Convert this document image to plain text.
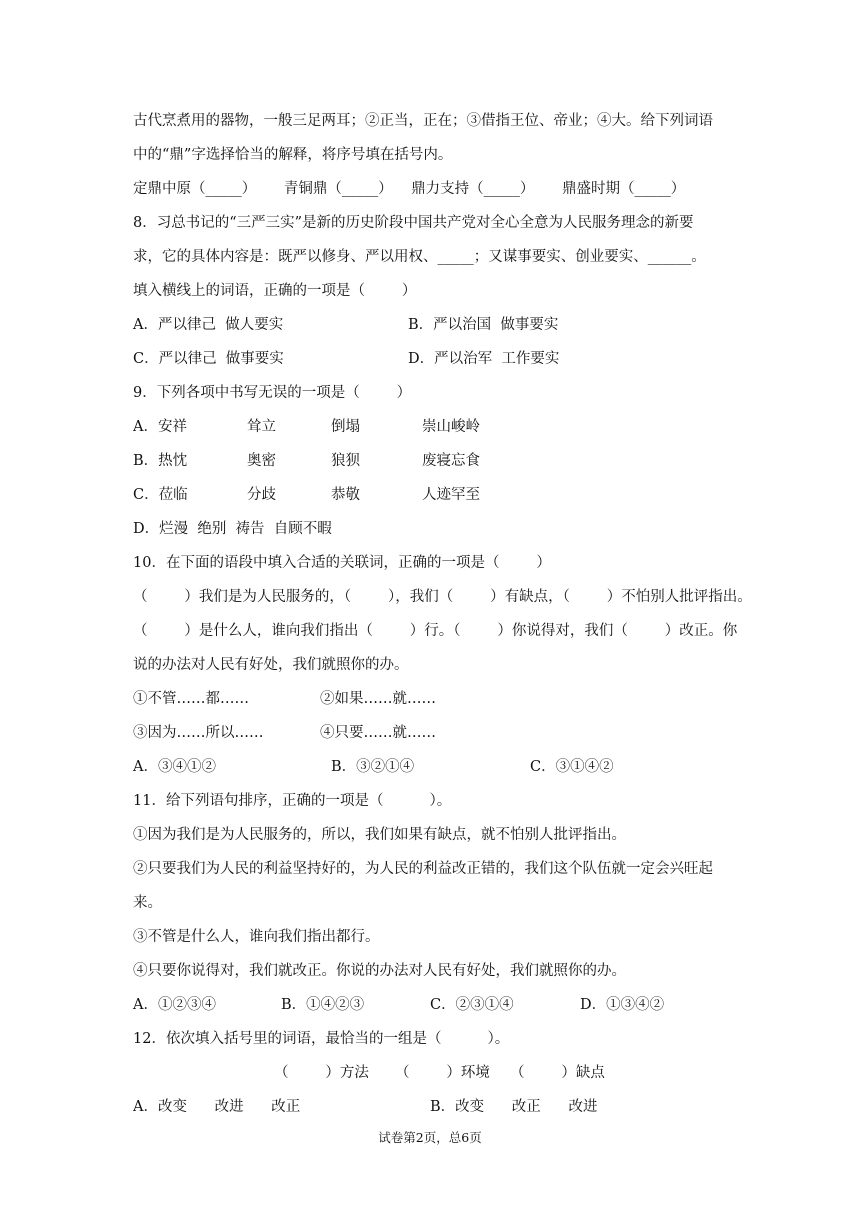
古代烹煮用的器物，一般三足两耳；②正当，正在；③借指王位、帝业；④大。给下列词语
中的“鼎”字选择恰当的解释，将序号填在括号内。
定鼎中原（_____）      青铜鼎（_____）    鼎力支持（_____）      鼎盛时期（_____）
8．习总书记的“三严三实”是新的历史阶段中国共产党对全心全意为人民服务理念的新要
求，它的具体内容是：既严以修身、严以用权、_____；又谋事要实、创业要实、______。
填入横线上的词语，正确的一项是（        ）
A．严以律己  做人要实	B．严以治国  做事要实
C．严以律己  做事要实	D．严以治军  工作要实
9．下列各项中书写无误的一项是（        ）
A．安祥	耸立	倒塌	崇山峻岭
B．热忱	奥密	狼狈	废寝忘食
C．莅临	分歧	恭敬	人迹罕至
D．烂漫  绝别  祷告  自顾不暇
10．在下面的语段中填入合适的关联词，正确的一项是（        ）
（        ）我们是为人民服务的，（        ），我们（        ）有缺点，（        ）不怕别人批评指出。
（        ）是什么人，谁向我们指出（        ）行。（        ）你说得对，我们（        ）改正。你
说的办法对人民有好处，我们就照你的办。
①不管……都……	②如果……就……
③因为……所以……	④只要……就……
A．③④①②	B．③②①④	C．③①④②
11．给下列语句排序，正确的一项是（          ）。
①因为我们是为人民服务的，所以，我们如果有缺点，就不怕别人批评指出。
②只要我们为人民的利益坚持好的，为人民的利益改正错的，我们这个队伍就一定会兴旺起
来。
③不管是什么人，谁向我们指出都行。
④只要你说得对，我们就改正。你说的办法对人民有好处，我们就照你的办。
A．①②③④	B．①④②③	C．②③①④	D．①③④②
12．依次填入括号里的词语，最恰当的一组是（          ）。
（        ）方法 （        ）环境 （        ）缺点
A．改变      改进      改正	B．改变      改正      改进
试卷第2页，总6页
